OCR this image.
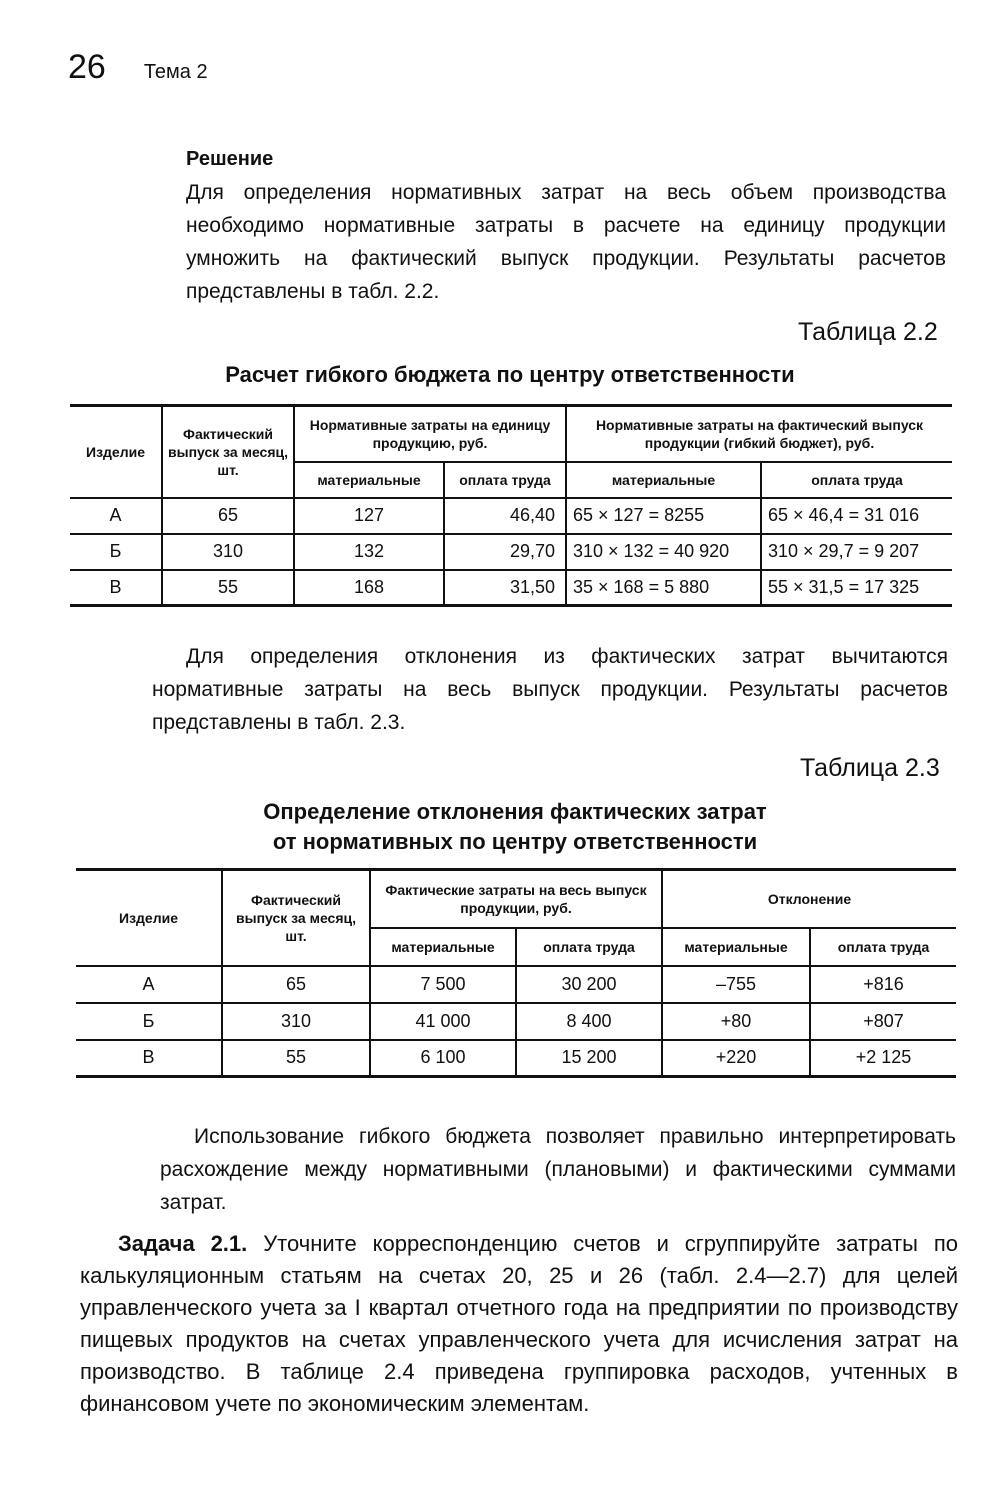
26 Тема 2
Решение
Для определения нормативных затрат на весь объем производства необходимо нормативные затраты в расчете на единицу продукции умножить на фактический выпуск продукции. Результаты расчетов представлены в табл. 2.2.
Таблица 2.2
Расчет гибкого бюджета по центру ответственности
Изделие	Фактический выпуск за месяц, шт.	Нормативные затраты на единицу продукцию, руб.		Нормативные затраты на фактический выпуск продукции (гибкий бюджет), руб.	
		материальные	оплата труда	материальные	оплата труда
А	65	127	46,40	65 × 127 = 8255	65 × 46,4 = 31 016
Б	310	132	29,70	310 × 132 = 40 920	310 × 29,7 = 9 207
В	55	168	31,50	35 × 168 = 5 880	55 × 31,5 = 17 325
Для определения отклонения из фактических затрат вычитаются нормативные затраты на весь выпуск продукции. Результаты расчетов представлены в табл. 2.3.
Таблица 2.3
Определение отклонения фактических затрат
от нормативных по центру ответственности
Изделие	Фактический выпуск за месяц, шт.	Фактические затраты на весь выпуск продукции, руб.		Отклонение	
		материальные	оплата труда	материальные	оплата труда
А	65	7 500	30 200	–755	+816
Б	310	41 000	8 400	+80	+807
В	55	6 100	15 200	+220	+2 125
Использование гибкого бюджета позволяет правильно интерпретировать расхождение между нормативными (плановыми) и фактическими суммами затрат.
Задача 2.1. Уточните корреспонденцию счетов и сгруппируйте затраты по калькуляционным статьям на счетах 20, 25 и 26 (табл. 2.4—2.7) для целей управленческого учета за I квартал отчетного года на предприятии по производству пищевых продуктов на счетах управленческого учета для исчисления затрат на производство. В таблице 2.4 приведена группировка расходов, учтенных в финансовом учете по экономическим элементам.
